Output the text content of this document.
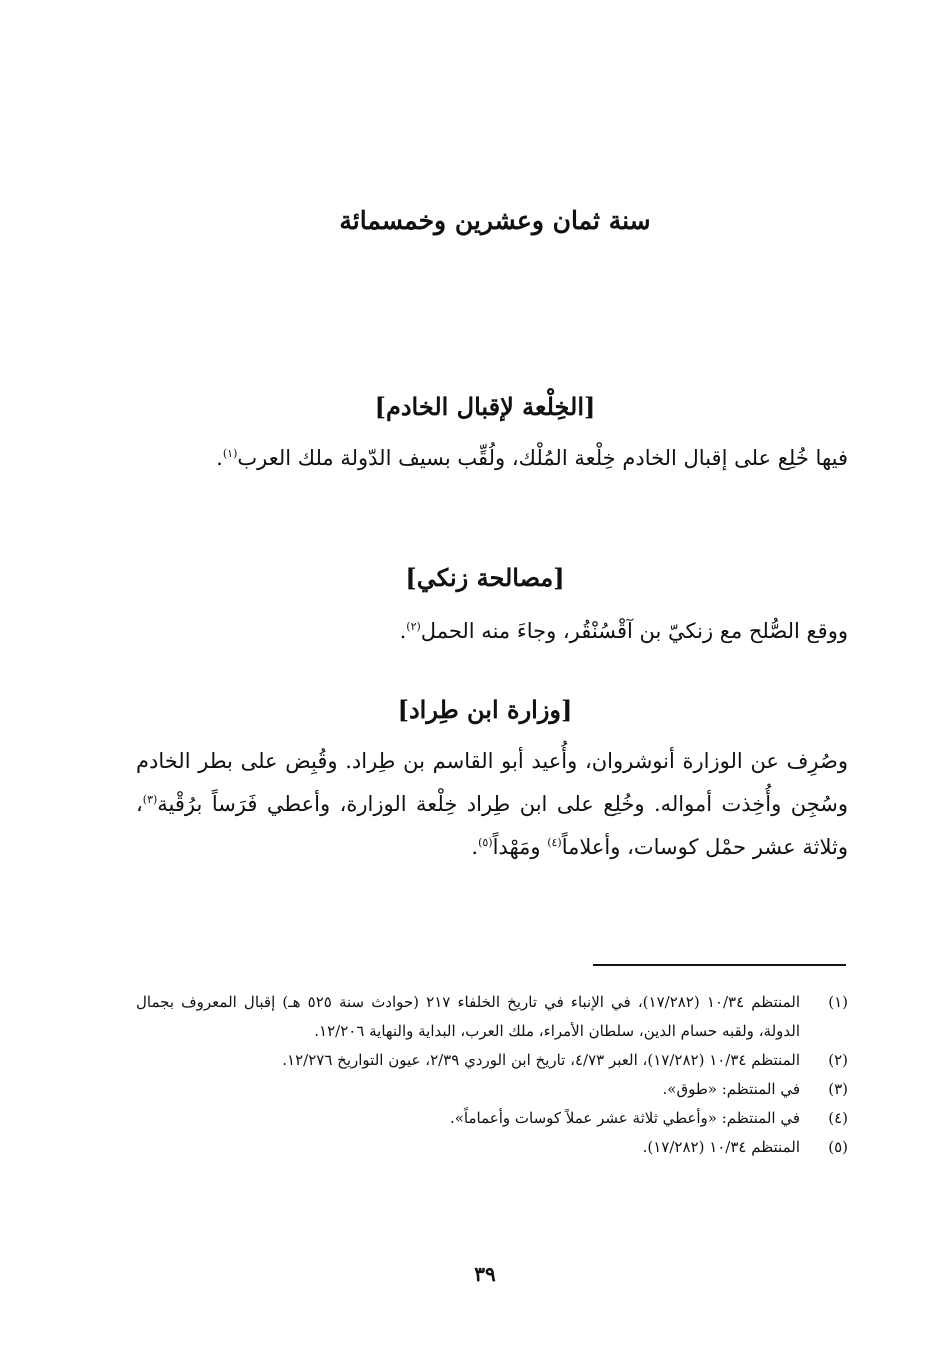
سنة ثمان وعشرين وخمسمائة
[الخِلْعة لإقبال الخادم]
فيها خُلِع على إقبال الخادم خِلْعة المُلْك، ولُقِّب بسيف الدّولة ملك العرب$^{(١)}$.
[مصالحة زنكي]
ووقع الصُّلح مع زنكيّ بن آقْسُنْقُر، وجاءَ منه الحمل$^{(٢)}$.
[وزارة ابن طِراد]
وصُرِف عن الوزارة أنوشروان، وأُعيد أبو القاسم بن طِراد. وقُبِض على بطر الخادم وسُجِن وأُخِذت أمواله. وخُلِع على ابن طِراد خِلْعة الوزارة، وأعطي فَرَساً برُقْية$^{(٣)}$، وثلاثة عشر حمْل كوسات، وأعلاماً$^{(٤)}$ ومَهْداً$^{(٥)}$.
(١)
المنتظم ١٠/٣٤ (١٧/٢٨٢)، في الإنباء في تاريخ الخلفاء ٢١٧ (حوادث سنة ٥٢٥ هـ) إقبال المعروف بجمال الدولة، ولقبه حسام الدين، سلطان الأمراء، ملك العرب، البداية والنهاية ١٢/٢٠٦.
(٢)
المنتظم ١٠/٣٤ (١٧/٢٨٢)، العبر ٤/٧٣، تاريخ ابن الوردي ٢/٣٩، عيون التواريخ ١٢/٢٧٦.
(٣)
في المنتظم: «طوق».
(٤)
في المنتظم: «وأعطي ثلاثة عشر عملاً كوسات وأعماماً».
(٥)
المنتظم ١٠/٣٤ (١٧/٢٨٢).
٣٩
